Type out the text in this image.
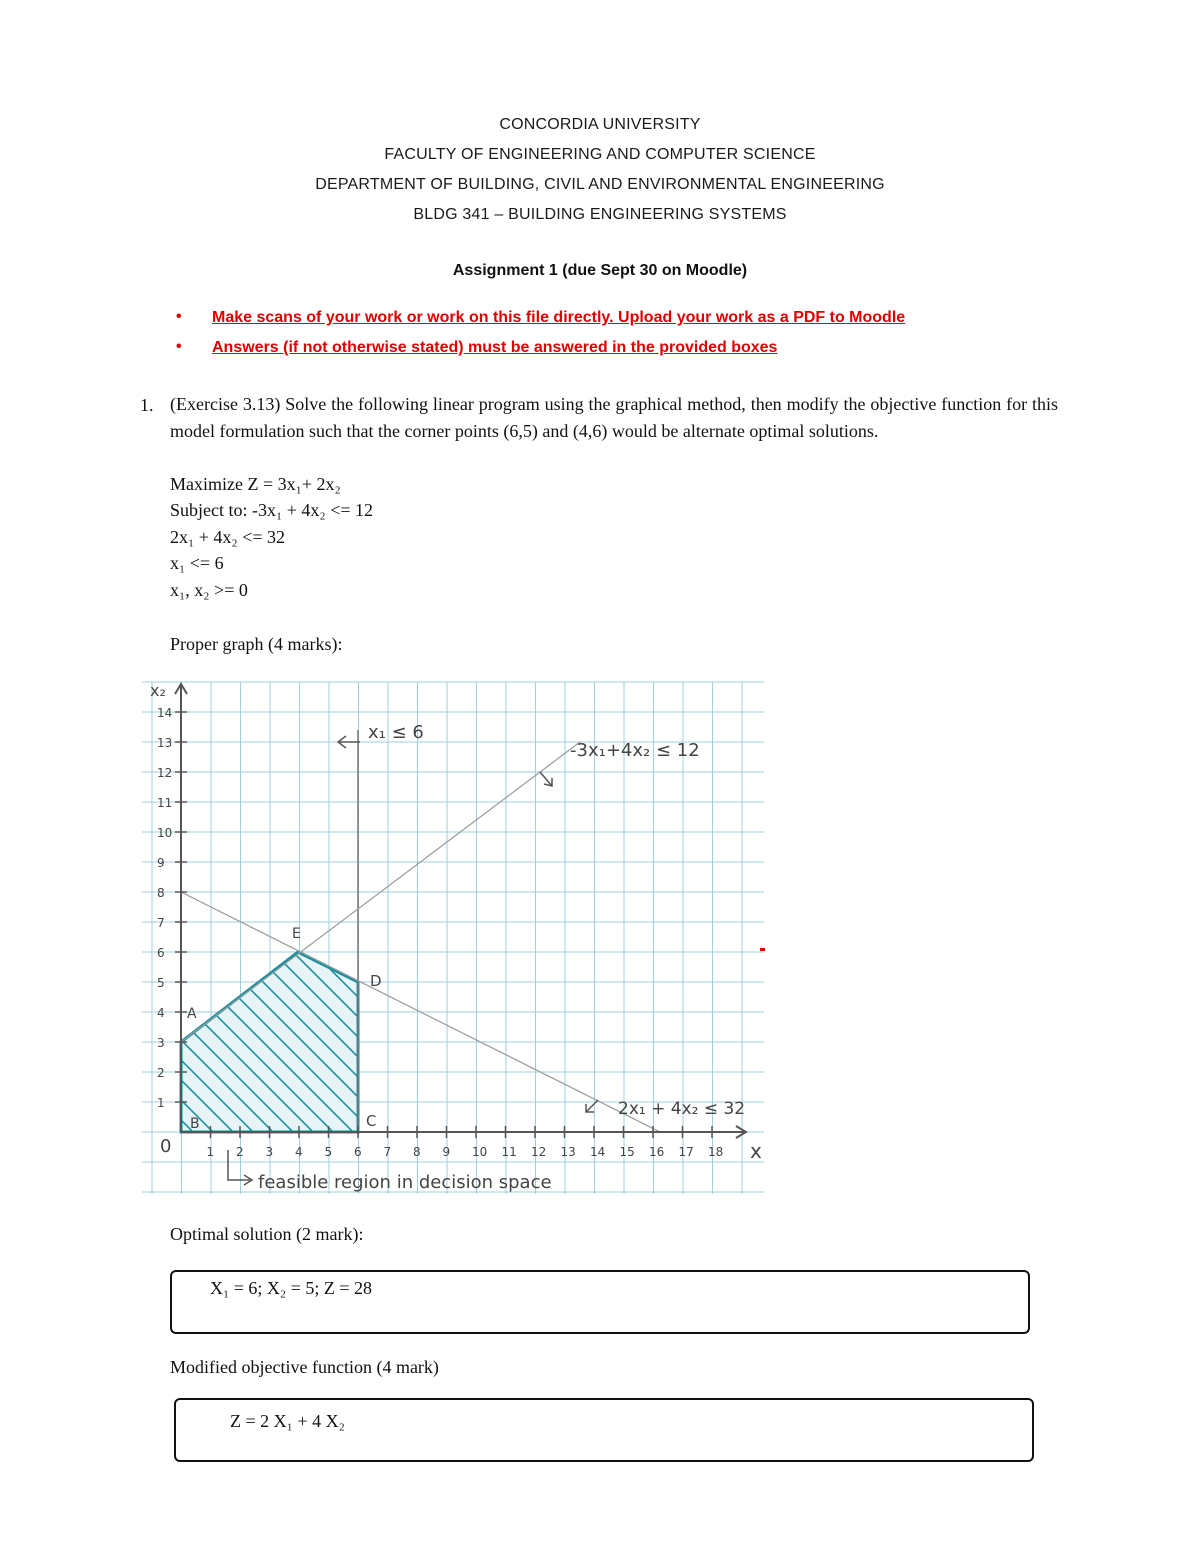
CONCORDIA UNIVERSITY
FACULTY OF ENGINEERING AND COMPUTER SCIENCE
DEPARTMENT OF BUILDING, CIVIL AND ENVIRONMENTAL ENGINEERING
BLDG 341 – BUILDING ENGINEERING SYSTEMS
Assignment 1 (due Sept 30 on Moodle)
•	Make scans of your work or work on this file directly. Upload your work as a PDF to Moodle
•	Answers (if not otherwise stated) must be answered in the provided boxes
1. (Exercise 3.13) Solve the following linear program using the graphical method, then modify the objective function for this model formulation such that the corner points (6,5) and (4,6) would be alternate optimal solutions.
Maximize Z = 3x₁+ 2x₂
Subject to: -3x₁ + 4x₂ <= 12
2x₁ + 4x₂ <= 32
x₁ <= 6
x₁, x₂ >= 0
Proper graph (4 marks):
1
2
3
4
5
6
7
8
9
10
11
12
13
14
1 2 3 4 5 6 7 8 9 10 11 12 13 14 15 16 17 18
x₂
x
0
x₁ ≤ 6
-3x₁+4x₂ ≤ 12
2x₁ + 4x₂ ≤ 32
feasible region in decision space
A
B	C
D
E
Optimal solution (2 mark):
X₁ = 6; X₂ = 5; Z = 28
Modified objective function (4 mark)
Z = 2 X₁ + 4 X₂
